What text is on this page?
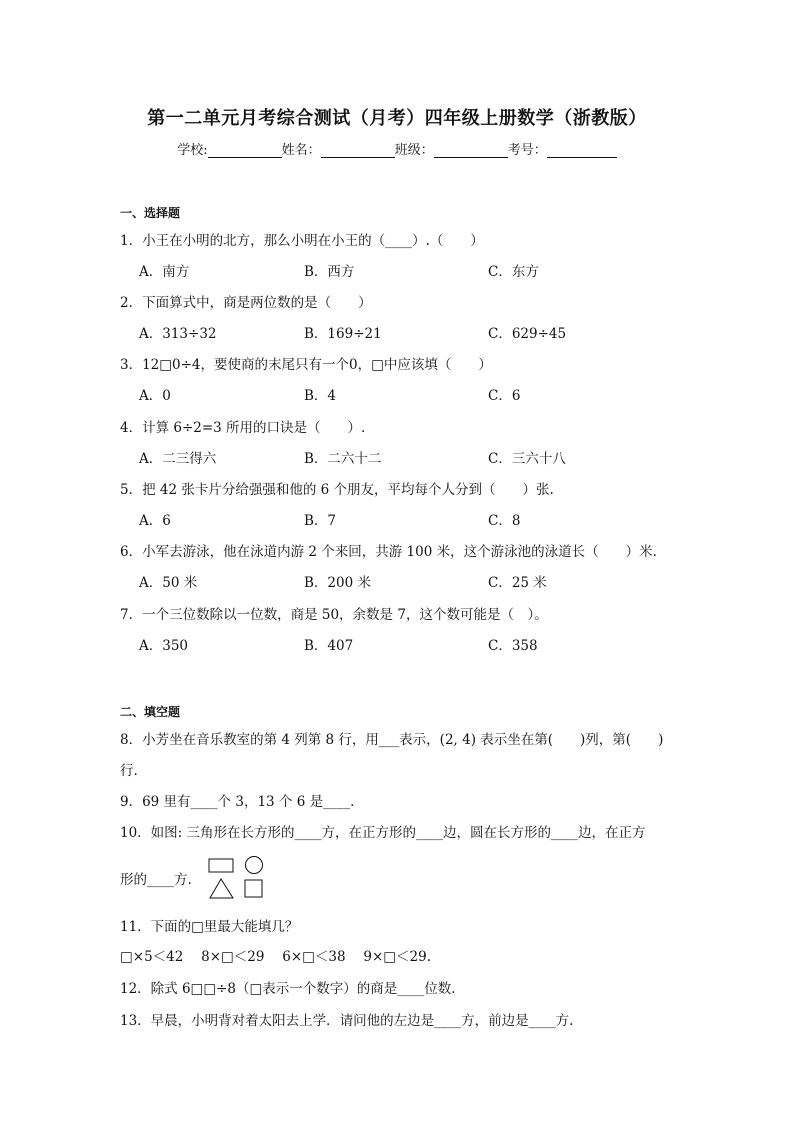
第一二单元月考综合测试（月考）四年级上册数学（浙教版）
学校:	姓名：	班级：	考号：
一、选择题
1．小王在小明的北方，那么小明在小王的（____）.（　　）
A．南方	B．西方	C．东方
2．下面算式中，商是两位数的是（　　）
A．313÷32	B．169÷21	C．629÷45
3．12□0÷4，要使商的末尾只有一个0，□中应该填（　　）
A．0	B．4	C．6
4．计算 6÷2=3 所用的口诀是（　　）.
A．二三得六	B．二六十二	C．三六十八
5．把 42 张卡片分给强强和他的 6 个朋友，平均每个人分到（　　）张.
A．6	B．7	C．8
6．小军去游泳，他在泳道内游 2 个来回，共游 100 米，这个游泳池的泳道长（　　）米.
A．50 米	B．200 米	C．25 米
7．一个三位数除以一位数，商是 50，余数是 7，这个数可能是（　）。
A．350	B．407	C．358
二、填空题
8．小芳坐在音乐教室的第 4 列第 8 行，用___表示，(2, 4) 表示坐在第(　　)列，第(　　)
行.
9．69 里有____个 3，13 个 6 是____.
10．如图: 三角形在长方形的____方，在正方形的____边，圆在长方形的____边，在正方
形的____方.
11．下面的□里最大能填几？
□×5＜42　 8×□＜29　 6×□＜38　 9×□＜29.
12．除式 6□□÷8（□表示一个数字）的商是____位数.
13．早晨，小明背对着太阳去上学．请问他的左边是____方，前边是____方.
